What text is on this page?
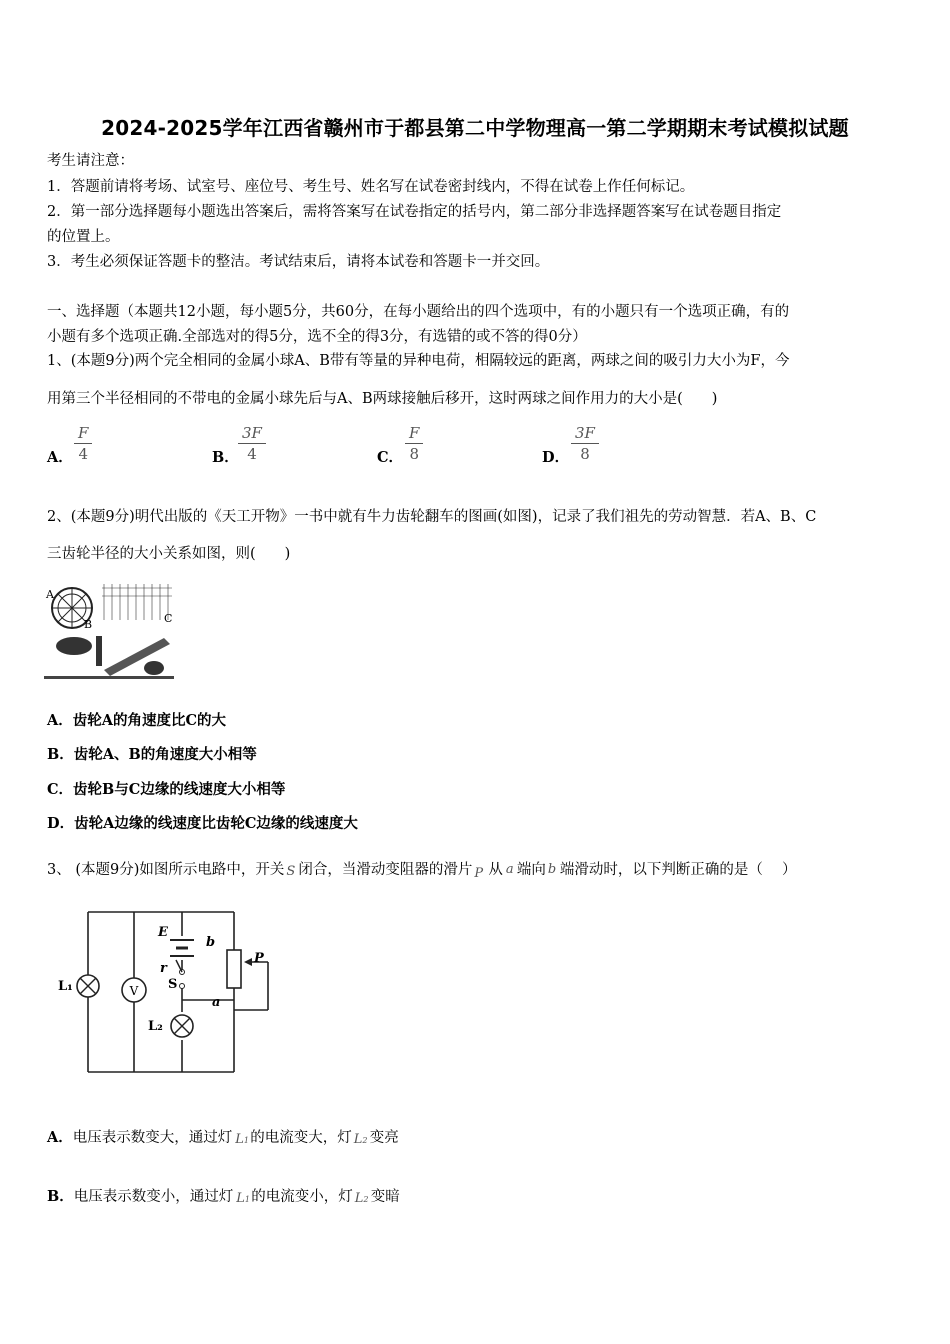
2024-2025学年江西省赣州市于都县第二中学物理高一第二学期期末考试模拟试题
考生请注意：
1．答题前请将考场、试室号、座位号、考生号、姓名写在试卷密封线内，不得在试卷上作任何标记。
2．第一部分选择题每小题选出答案后，需将答案写在试卷指定的括号内，第二部分非选择题答案写在试卷题目指定
的位置上。
3．考生必须保证答题卡的整洁。考试结束后，请将本试卷和答题卡一并交回。
一、选择题（本题共12小题，每小题5分，共60分，在每小题给出的四个选项中，有的小题只有一个选项正确，有的
小题有多个选项正确.全部选对的得5分，选不全的得3分，有选错的或不答的得0分）
1、(本题9分)两个完全相同的金属小球A、B带有等量的异种电荷，相隔较远的距离，两球之间的吸引力大小为F，今
用第三个半径相同的不带电的金属小球先后与A、B两球接触后移开，这时两球之间作用力的大小是(　　)
A． $\frac{F}{4}$	B． $\frac{3F}{4}$	C． $\frac{F}{8}$	D． $\frac{3F}{8}$
2、(本题9分)明代出版的《天工开物》一书中就有牛力齿轮翻车的图画(如图)，记录了我们祖先的劳动智慧．若A、B、C
三齿轮半径的大小关系如图，则(　　)
A
B	C
A．齿轮A的角速度比C的大
B．齿轮A、B的角速度大小相等
C．齿轮B与C边缘的线速度大小相等
D．齿轮A边缘的线速度比齿轮C边缘的线速度大
3、 (本题9分)如图所示电路中，开关 S 闭合，当滑动变阻器的滑片 P 从 a 端向 b 端滑动时，以下判断正确的是（　 ）
V
E
b
r
S
P
a
L₁
L₂
A．电压表示数变大，通过灯 L1 的电流变大，灯 L2 变亮
B．电压表示数变小，通过灯 L1 的电流变小，灯 L2 变暗
